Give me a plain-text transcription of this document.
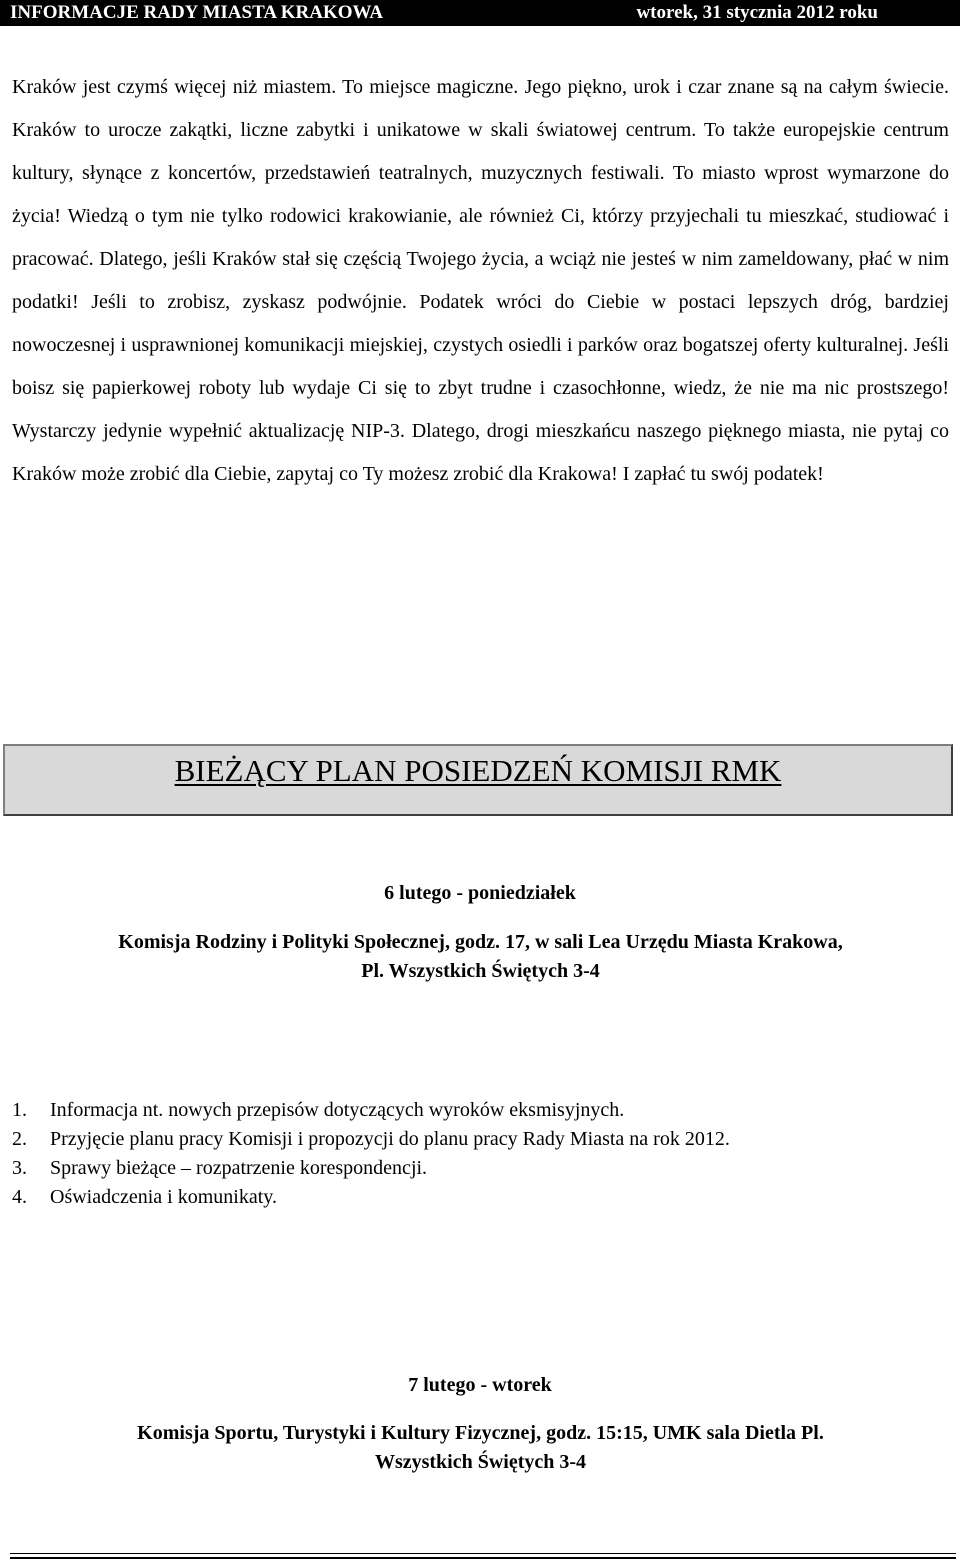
INFORMACJE RADY MIASTA KRAKOWA	wtorek, 31 stycznia 2012 roku

Kraków jest czymś więcej niż miastem. To miejsce magiczne. Jego piękno, urok i czar znane są na całym świecie. Kraków to urocze zakątki, liczne zabytki i unikatowe w skali światowej centrum. To także europejskie centrum kultury, słynące z koncertów, przedstawień teatralnych, muzycznych festiwali. To miasto wprost wymarzone do życia! Wiedzą o tym nie tylko rodowici krakowianie, ale również Ci, którzy przyjechali tu mieszkać, studiować i pracować. Dlatego, jeśli Kraków stał się częścią Twojego życia, a wciąż nie jesteś w nim zameldowany, płać w nim podatki! Jeśli to zrobisz, zyskasz podwójnie. Podatek wróci do Ciebie w postaci lepszych dróg, bardziej nowoczesnej i usprawnionej komunikacji miejskiej, czystych osiedli i parków oraz bogatszej oferty kulturalnej. Jeśli boisz się papierkowej roboty lub wydaje Ci się to zbyt trudne i czasochłonne, wiedz, że nie ma nic prostszego! Wystarczy jedynie wypełnić aktualizację NIP-3. Dlatego, drogi mieszkańcu naszego pięknego miasta, nie pytaj co Kraków może zrobić dla Ciebie, zapytaj co Ty możesz zrobić dla Krakowa! I zapłać tu swój podatek!

BIEŻĄCY PLAN POSIEDZEŃ KOMISJI RMK
6 lutego - poniedziałek
Komisja Rodziny i Polityki Społecznej, godz. 17, w sali Lea Urzędu Miasta Krakowa,
Pl. Wszystkich Świętych 3-4
1.	Informacja nt. nowych przepisów dotyczących wyroków eksmisyjnych.
2.	Przyjęcie planu pracy Komisji i propozycji do planu pracy Rady Miasta na rok 2012.
3.	Sprawy bieżące – rozpatrzenie korespondencji.
4.	Oświadczenia i komunikaty.
7 lutego - wtorek
Komisja Sportu, Turystyki i Kultury Fizycznej, godz. 15:15, UMK sala Dietla Pl.
Wszystkich Świętych 3-4
